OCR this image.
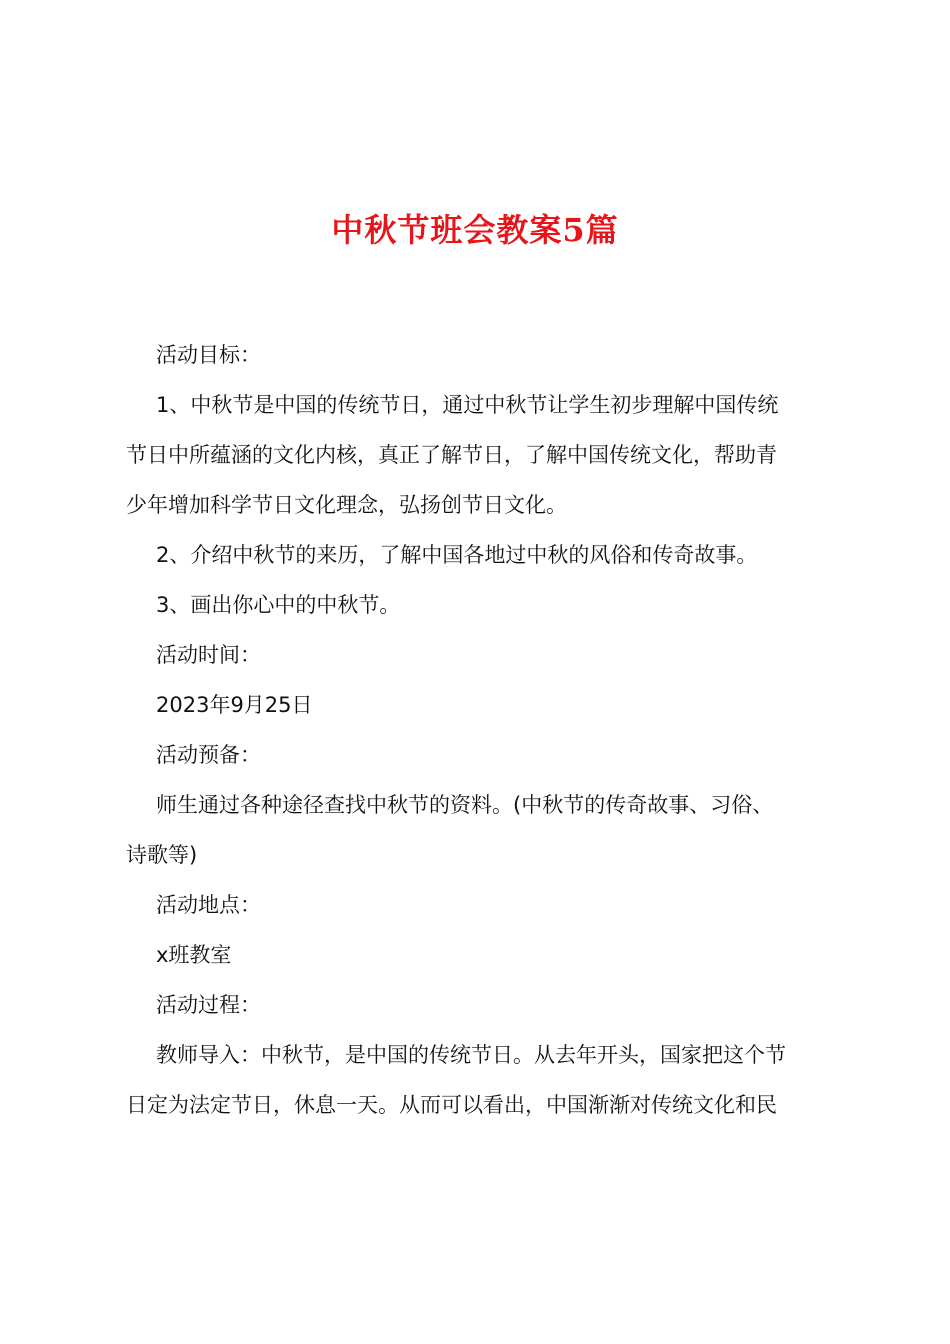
中秋节班会教案5篇
活动目标：
1、中秋节是中国的传统节日，通过中秋节让学生初步理解中国传统
节日中所蕴涵的文化内核，真正了解节日，了解中国传统文化，帮助青
少年增加科学节日文化理念，弘扬创节日文化。
2、介绍中秋节的来历，了解中国各地过中秋的风俗和传奇故事。
3、画出你心中的中秋节。
活动时间：
2023年9月25日
活动预备：
师生通过各种途径查找中秋节的资料。(中秋节的传奇故事、习俗、
诗歌等)
活动地点：
x班教室
活动过程：
教师导入：中秋节，是中国的传统节日。从去年开头，国家把这个节
日定为法定节日，休息一天。从而可以看出，中国渐渐对传统文化和民
